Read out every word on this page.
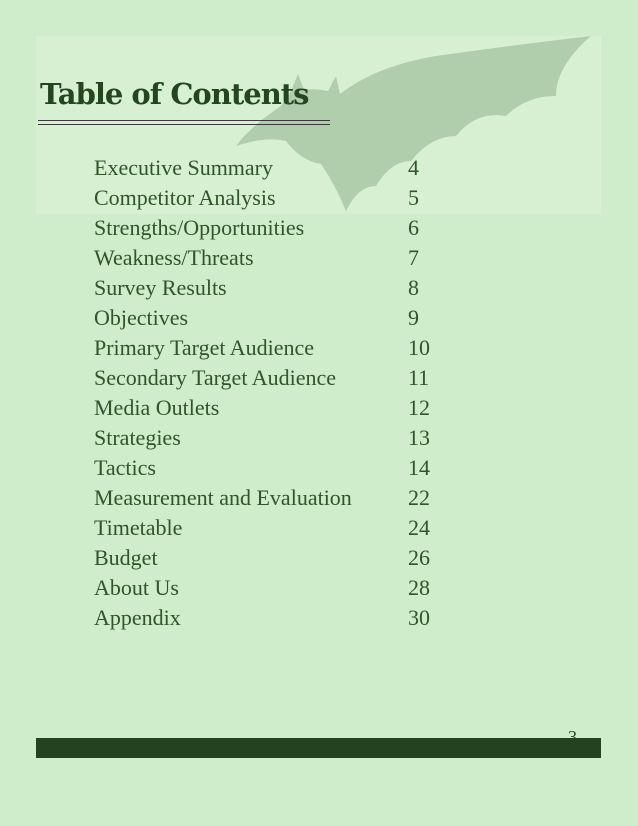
Table of Contents
Executive Summary	4
Competitor Analysis	5
Strengths/Opportunities	6
Weakness/Threats	7
Survey Results	8
Objectives	9
Primary Target Audience	10
Secondary Target Audience	11
Media Outlets	12
Strategies	13
Tactics	14
Measurement and Evaluation	22
Timetable	24
Budget	26
About Us	28
Appendix	30
3
